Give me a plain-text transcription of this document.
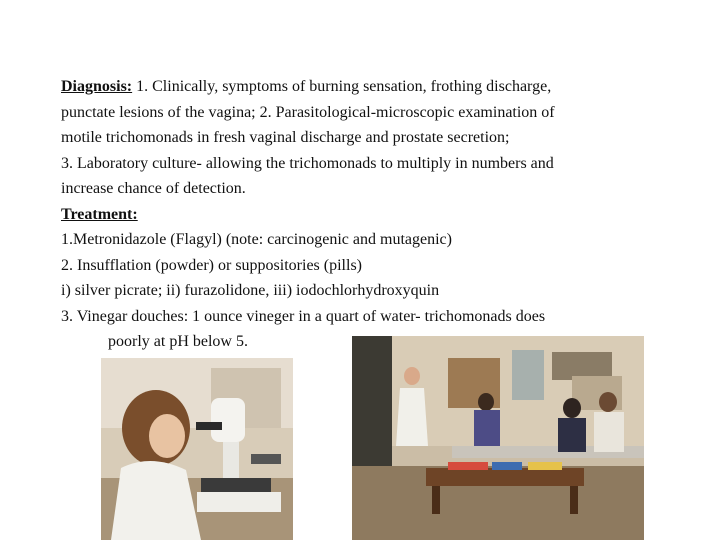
Diagnosis: 1. Clinically, symptoms of burning sensation, frothing discharge,
punctate lesions of the vagina; 2. Parasitological-microscopic examination of
motile trichomonads in fresh vaginal discharge and prostate secretion;
3. Laboratory culture- allowing the trichomonads to multiply in numbers and
increase chance of detection.
Treatment:
1.Metronidazole (Flagyl) (note: carcinogenic and mutagenic)
2. Insufflation (powder) or suppositories (pills)
i) silver picrate; ii) furazolidone, iii) iodochlorhydroxyquin
3. Vinegar douches: 1 ounce vineger in a quart of water- trichomonads does
poorly at pH below 5.
